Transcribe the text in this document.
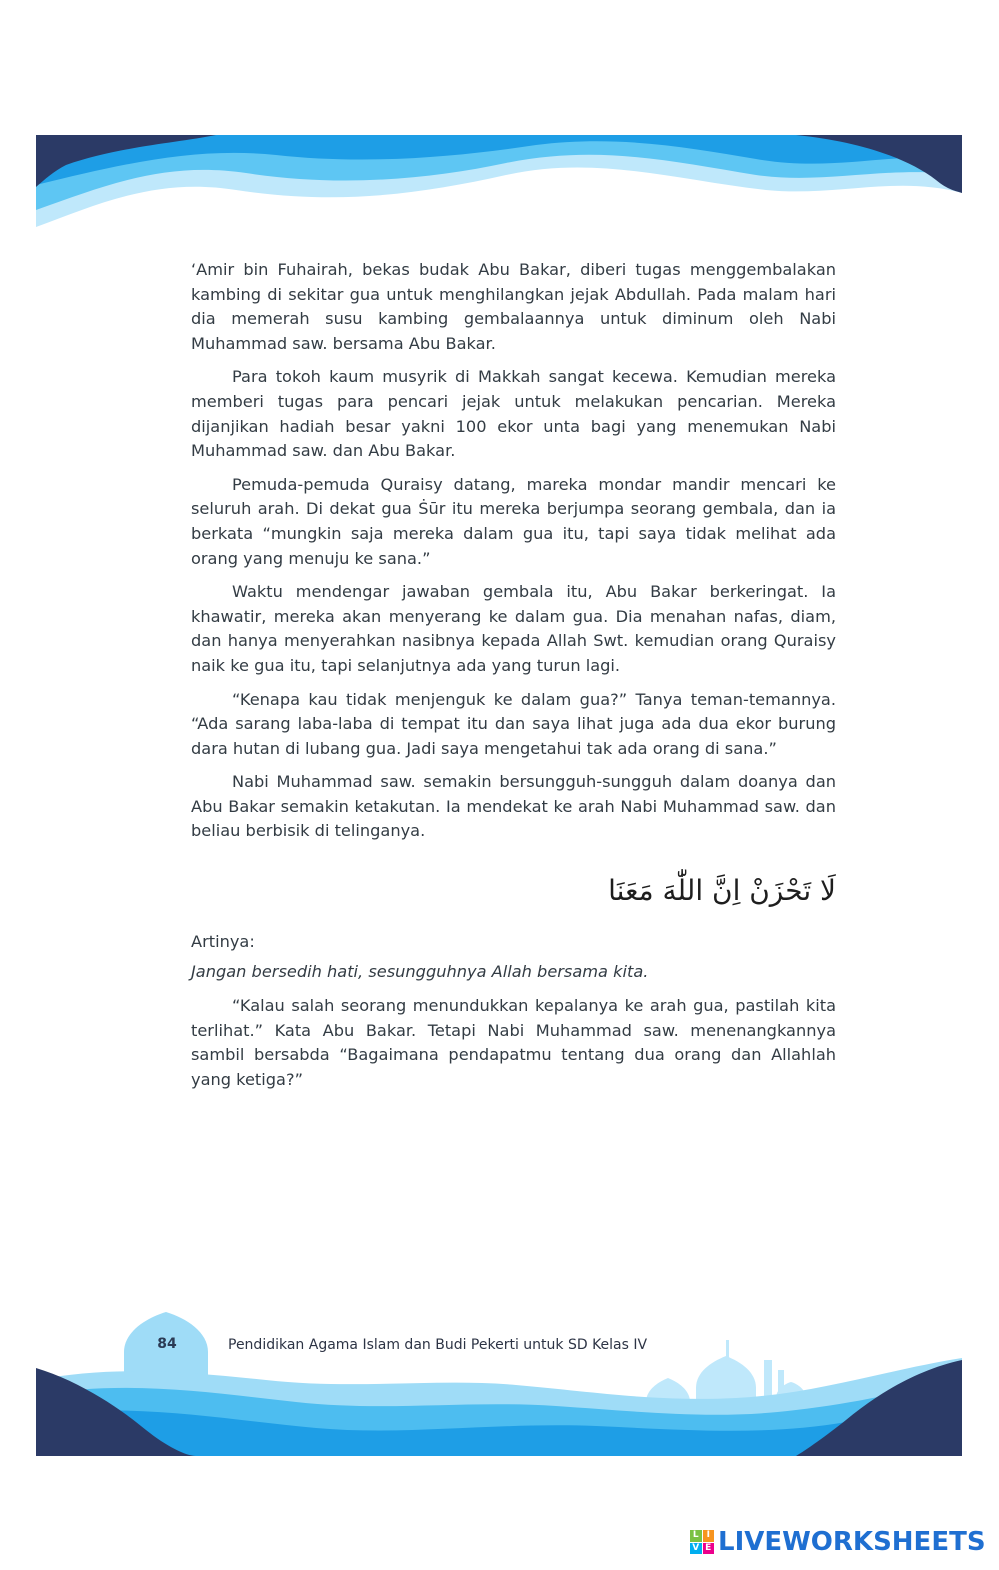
‘Amir bin Fuhairah, bekas budak Abu Bakar, diberi tugas menggembalakan kambing di sekitar gua untuk menghilangkan jejak Abdullah. Pada malam hari dia memerah susu kambing gembalaannya untuk diminum oleh Nabi Muhammad saw. bersama Abu Bakar.

Para tokoh kaum musyrik di Makkah sangat kecewa. Kemudian mereka memberi tugas para pencari jejak untuk melakukan pencarian. Mereka dijanjikan hadiah besar yakni 100 ekor unta bagi yang menemukan Nabi Muhammad saw. dan Abu Bakar.

Pemuda-pemuda Quraisy datang, mareka mondar mandir mencari ke seluruh arah. Di dekat gua Ṡūr itu mereka berjumpa seorang gembala, dan ia berkata “mungkin saja mereka dalam gua itu, tapi saya tidak melihat ada orang yang menuju ke sana.”

Waktu mendengar jawaban gembala itu, Abu Bakar berkeringat. Ia khawatir, mereka akan menyerang ke dalam gua. Dia menahan nafas, diam, dan hanya menyerahkan nasibnya kepada Allah Swt. kemudian orang Quraisy naik ke gua itu, tapi selanjutnya ada yang turun lagi.

“Kenapa kau tidak menjenguk ke dalam gua?” Tanya teman-temannya. “Ada sarang laba-laba di tempat itu dan saya lihat juga ada dua ekor burung dara hutan di lubang gua. Jadi saya mengetahui tak ada orang di sana.”

Nabi Muhammad saw. semakin bersungguh-sungguh dalam doanya dan Abu Bakar semakin ketakutan. Ia mendekat ke arah Nabi Muhammad saw. dan beliau berbisik di telinganya.

لَا تَحْزَنْ اِنَّ اللّٰهَ مَعَنَا
Artinya:
Jangan bersedih hati, sesungguhnya Allah bersama kita.

“Kalau salah seorang menundukkan kepalanya ke arah gua, pastilah kita terlihat.” Kata Abu Bakar. Tetapi Nabi Muhammad saw. menenangkannya sambil bersabda “Bagaimana pendapatmu tentang dua orang dan Allahlah yang ketiga?”

84	Pendidikan Agama Islam dan Budi Pekerti untuk SD Kelas IV
L I
V E LIVEWORKSHEETS
